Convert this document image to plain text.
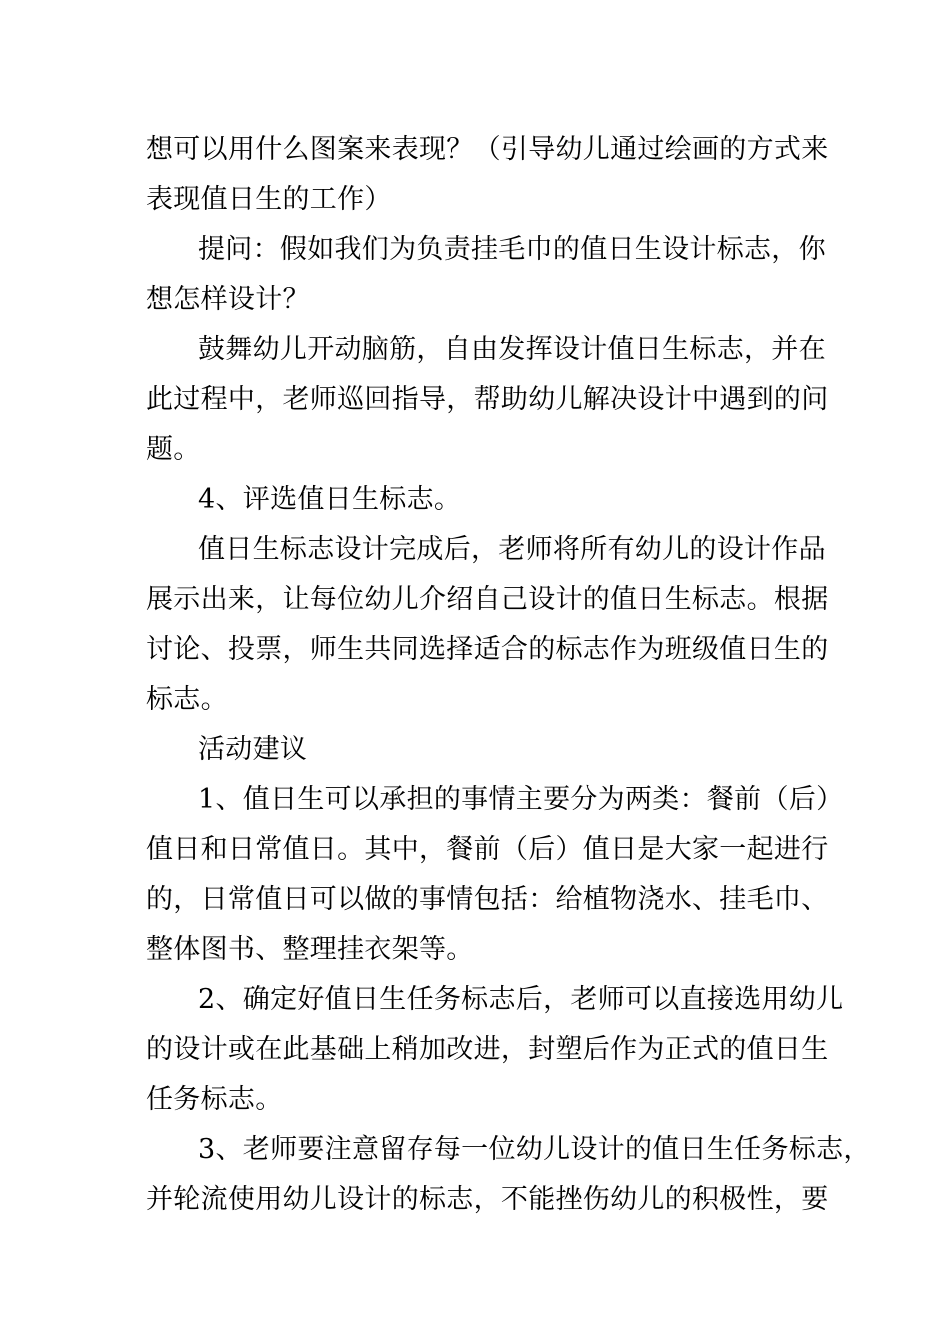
想可以用什么图案来表现？（引导幼儿通过绘画的方式来
表现值日生的工作）
提问：假如我们为负责挂毛巾的值日生设计标志，你
想怎样设计？
鼓舞幼儿开动脑筋，自由发挥设计值日生标志，并在
此过程中，老师巡回指导，帮助幼儿解决设计中遇到的问
题。
4、评选值日生标志。
值日生标志设计完成后，老师将所有幼儿的设计作品
展示出来，让每位幼儿介绍自己设计的值日生标志。根据
讨论、投票，师生共同选择适合的标志作为班级值日生的
标志。
活动建议
1、值日生可以承担的事情主要分为两类：餐前（后）
值日和日常值日。其中，餐前（后）值日是大家一起进行
的，日常值日可以做的事情包括：给植物浇水、挂毛巾、
整体图书、整理挂衣架等。
2、确定好值日生任务标志后，老师可以直接选用幼儿
的设计或在此基础上稍加改进，封塑后作为正式的值日生
任务标志。
3、老师要注意留存每一位幼儿设计的值日生任务标志，
并轮流使用幼儿设计的标志，不能挫伤幼儿的积极性，要
